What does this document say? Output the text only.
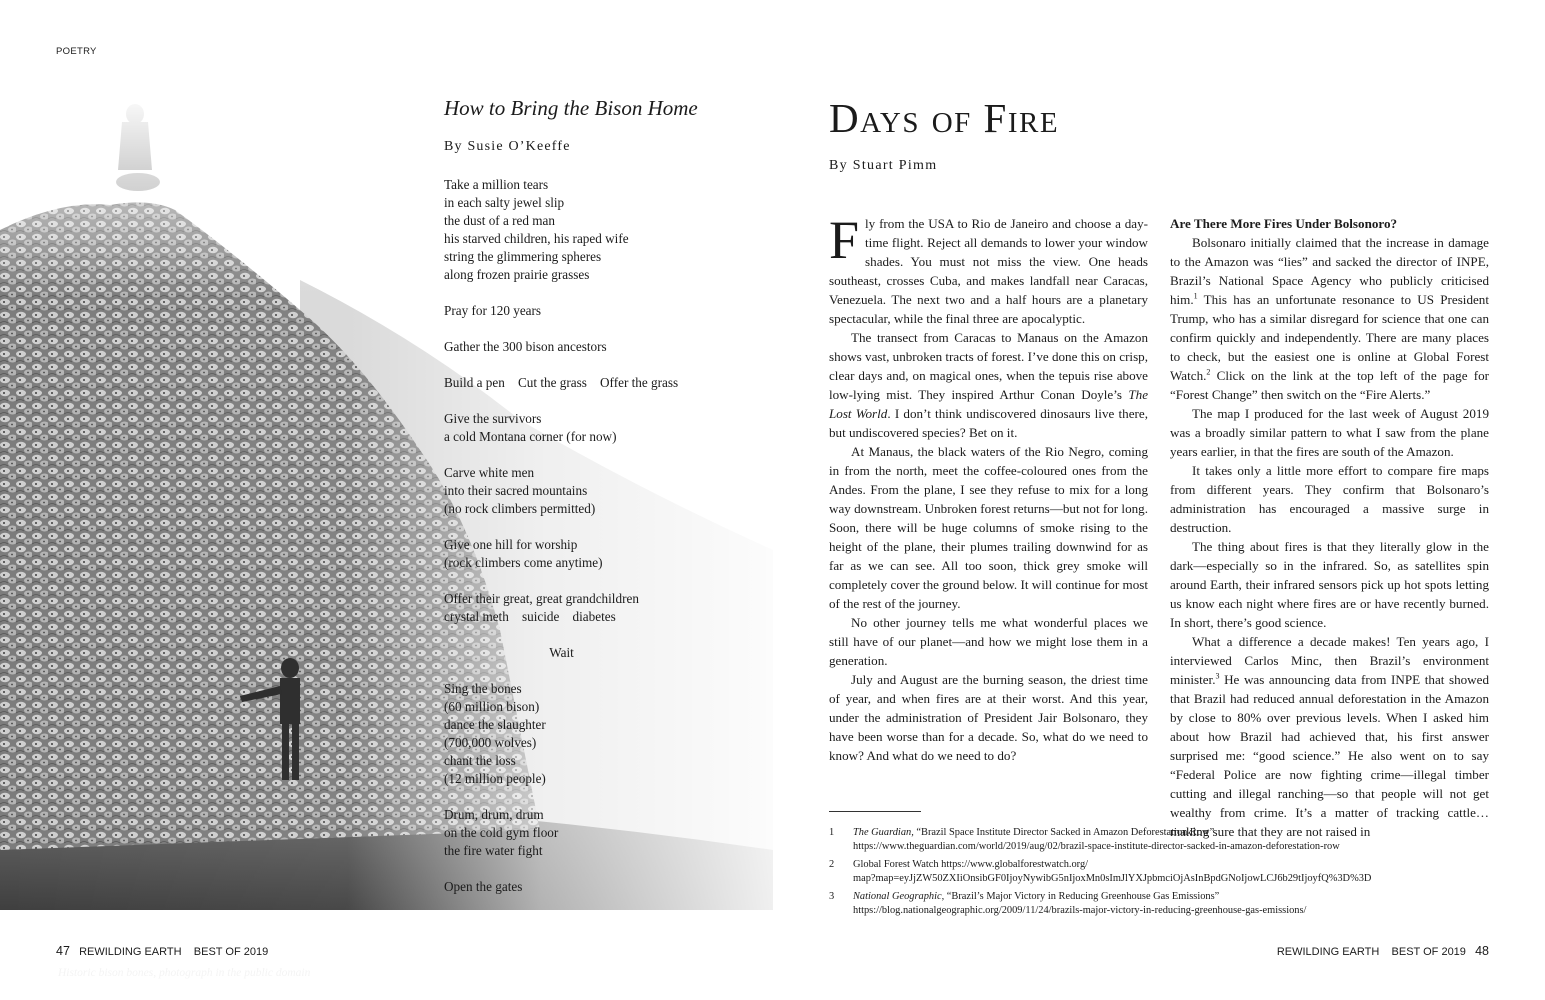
POETRY
Historic bison bones, photograph in the public domain
How to Bring the Bison Home
By Susie O’Keeffe
Take a million tears
in each salty jewel slip
the dust of a red man
his starved children, his raped wife
string the glimmering spheres
along frozen prairie grasses
Pray for 120 years
Gather the 300 bison ancestors
Build a pen    Cut the grass    Offer the grass
Give the survivors
a cold Montana corner (for now)
Carve white men
into their sacred mountains
(no rock climbers permitted)
Give one hill for worship
(rock climbers come anytime)
Offer their great, great grandchildren
crystal meth    suicide    diabetes
Wait
Sing the bones
(60 million bison)
dance the slaughter
(700,000 wolves)
chant the loss
(12 million people)
Drum, drum, drum
on the cold gym floor
the fire water fight
Open the gates
47 REWILDING EARTH BEST OF 2019
Days of Fire
By Stuart Pimm

Fly from the USA to Rio de Janeiro and choose a day-time flight. Reject all demands to lower your window shades. You must not miss the view. One heads southeast, crosses Cuba, and makes landfall near Caracas, Venezuela. The next two and a half hours are a planetary spectacular, while the final three are apocalyptic.

The transect from Caracas to Manaus on the Amazon shows vast, unbroken tracts of forest. I’ve done this on crisp, clear days and, on magical ones, when the tepuis rise above low-lying mist. They inspired Arthur Conan Doyle’s The Lost World. I don’t think undiscovered dinosaurs live there, but undiscovered species? Bet on it.

At Manaus, the black waters of the Rio Negro, coming in from the north, meet the coffee-coloured ones from the Andes. From the plane, I see they refuse to mix for a long way downstream. Unbroken forest returns—but not for long. Soon, there will be huge columns of smoke rising to the height of the plane, their plumes trailing downwind for as far as we can see. All too soon, thick grey smoke will completely cover the ground below. It will continue for most of the rest of the journey.

No other journey tells me what wonderful places we still have of our planet—and how we might lose them in a generation.

July and August are the burning season, the driest time of year, and when fires are at their worst. And this year, under the administration of President Jair Bolsonaro, they have been worse than for a decade. So, what do we need to know? And what do we need to do?

Are There More Fires Under Bolsonoro?

Bolsonaro initially claimed that the increase in damage to the Amazon was “lies” and sacked the director of INPE, Brazil’s National Space Agency who publicly criticised him.$^1$ This has an unfortunate resonance to US President Trump, who has a similar disregard for science that one can confirm quickly and independently. There are many places to check, but the easiest one is online at Global Forest Watch.$^2$ Click on the link at the top left of the page for “Forest Change” then switch on the “Fire Alerts.”

The map I produced for the last week of August 2019 was a broadly similar pattern to what I saw from the plane years earlier, in that the fires are south of the Amazon.

It takes only a little more effort to compare fire maps from different years. They confirm that Bolsonaro’s administration has encouraged a massive surge in destruction.

The thing about fires is that they literally glow in the dark—especially so in the infrared. So, as satellites spin around Earth, their infrared sensors pick up hot spots letting us know each night where fires are or have recently burned. In short, there’s good science.

What a difference a decade makes! Ten years ago, I interviewed Carlos Minc, then Brazil’s environment minister.$^3$ He was announcing data from INPE that showed that Brazil had reduced annual deforestation in the Amazon by close to 80% over previous levels. When I asked him about how Brazil had achieved that, his first answer surprised me: “good science.” He also went on to say “Federal Police are now fighting crime—illegal timber cutting and illegal ranching—so that people will not get wealthy from crime. It’s a matter of tracking cattle… making sure that they are not raised in

1	The Guardian, “Brazil Space Institute Director Sacked in Amazon Deforestation Row”
https://www.theguardian.com/world/2019/aug/02/brazil-space-institute-director-sacked-in-amazon-deforestation-row
2	Global Forest Watch https://www.globalforestwatch.org/
map?map=eyJjZW50ZXIiOnsibGF0IjoyNywibG5nIjoxMn0sImJlYXJpbmciOjAsInBpdGNoIjowLCJ6b29tIjoyfQ%3D%3D
3	National Geographic, “Brazil’s Major Victory in Reducing Greenhouse Gas Emissions”
https://blog.nationalgeographic.org/2009/11/24/brazils-major-victory-in-reducing-greenhouse-gas-emissions/
REWILDING EARTH BEST OF 2019 48
